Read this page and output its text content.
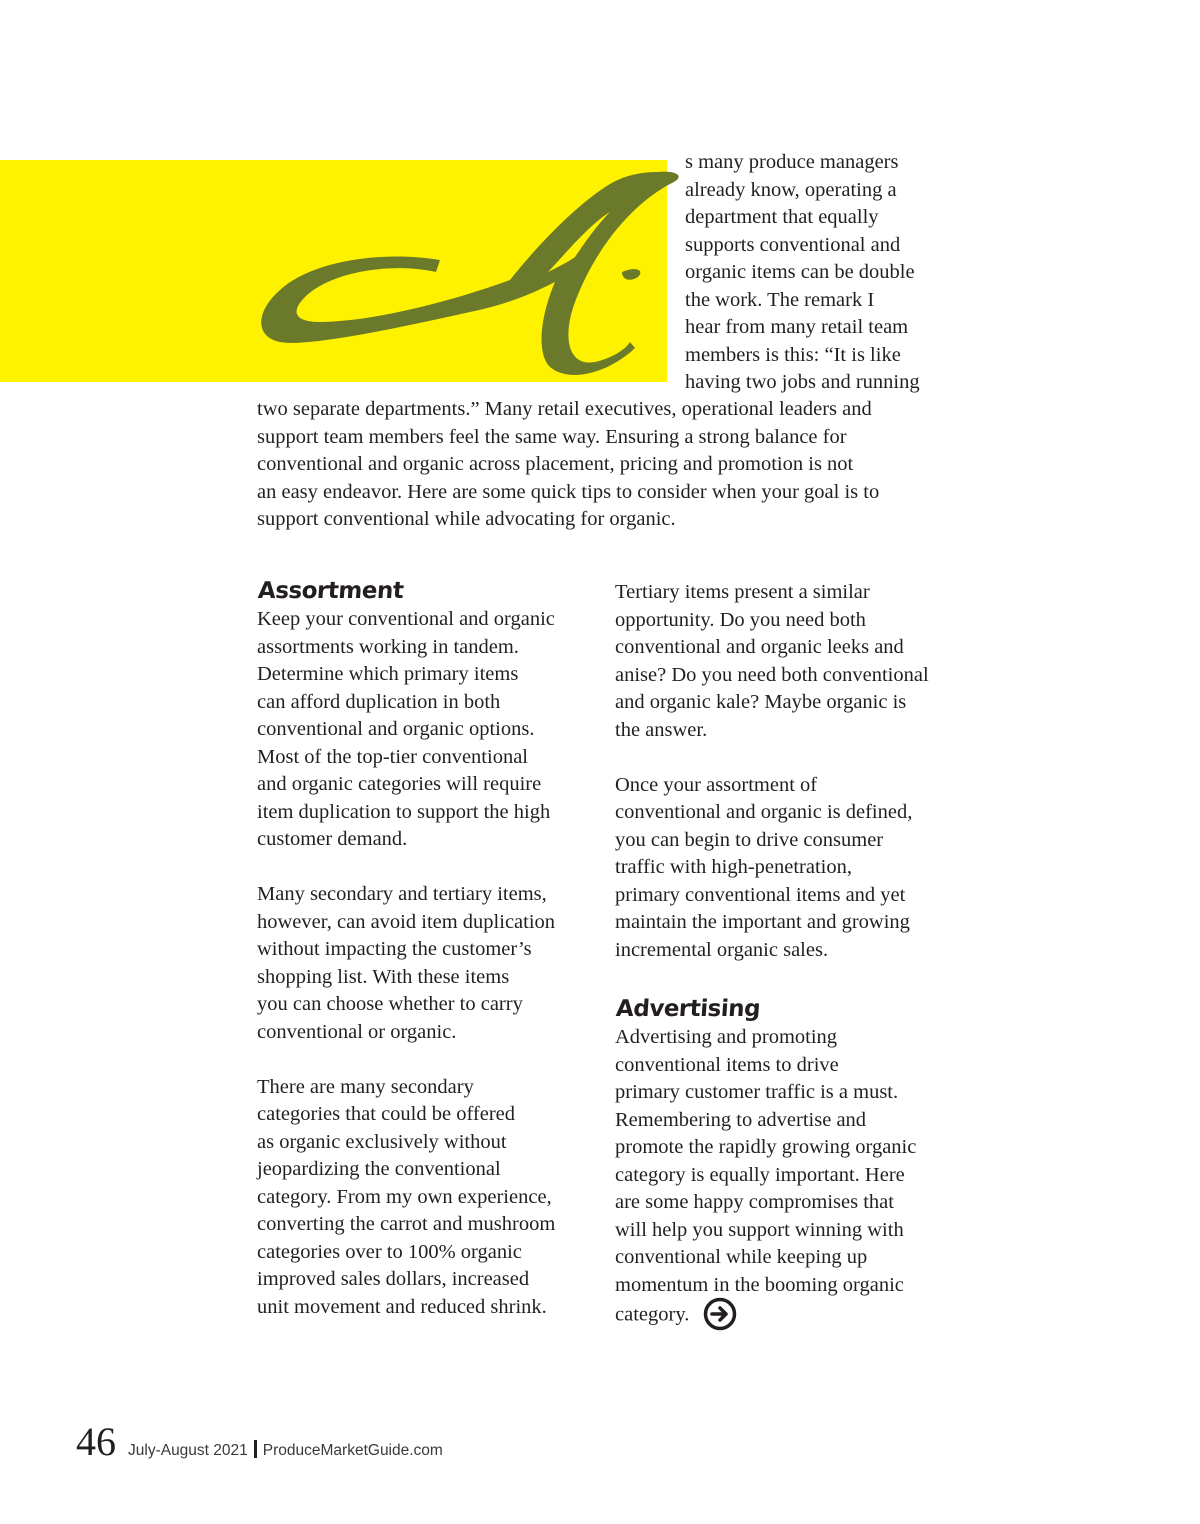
s many produce managers
already know, operating a
department that equally
supports conventional and
organic items can be double
the work. The remark I
hear from many retail team
members is this: “It is like
having two jobs and running

two separate departments.” Many retail executives, operational leaders and
support team members feel the same way. Ensuring a strong balance for
conventional and organic across placement, pricing and promotion is not
an easy endeavor. Here are some quick tips to consider when your goal is to
support conventional while advocating for organic.

Assortment

Keep your conventional and organic
assortments working in tandem.
Determine which primary items
can afford duplication in both
conventional and organic options.
Most of the top-tier conventional
and organic categories will require
item duplication to support the high
customer demand.

Many secondary and tertiary items,
however, can avoid item duplication
without impacting the customer’s
shopping list. With these items
you can choose whether to carry
conventional or organic.

There are many secondary
categories that could be offered
as organic exclusively without
jeopardizing the conventional
category. From my own experience,
converting the carrot and mushroom
categories over to 100% organic
improved sales dollars, increased
unit movement and reduced shrink.

Tertiary items present a similar
opportunity. Do you need both
conventional and organic leeks and
anise? Do you need both conventional
and organic kale? Maybe organic is
the answer.

Once your assortment of
conventional and organic is defined,
you can begin to drive consumer
traffic with high-penetration,
primary conventional items and yet
maintain the important and growing
incremental organic sales.

Advertising

Advertising and promoting
conventional items to drive
primary customer traffic is a must.
Remembering to advertise and
promote the rapidly growing organic
category is equally important. Here
are some happy compromises that
will help you support winning with
conventional while keeping up
momentum in the booming organic
category.

46 July-August 2021 ProduceMarketGuide.com
